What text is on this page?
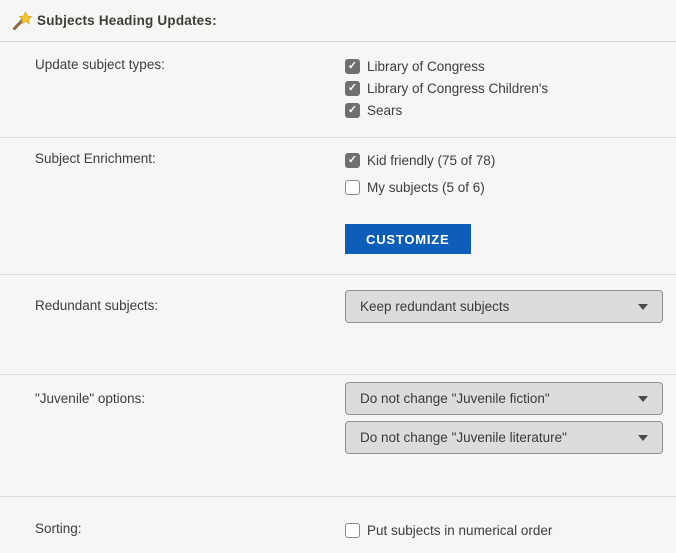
Subjects Heading Updates:
Update subject types:	✓ Library of Congress
✓ Library of Congress Children's
✓ Sears
Subject Enrichment:	✓ Kid friendly (75 of 78)
My subjects (5 of 6)
CUSTOMIZE
Redundant subjects:	Keep redundant subjects
"Juvenile" options:	Do not change "Juvenile fiction"
Do not change "Juvenile literature"
Sorting:	Put subjects in numerical order
